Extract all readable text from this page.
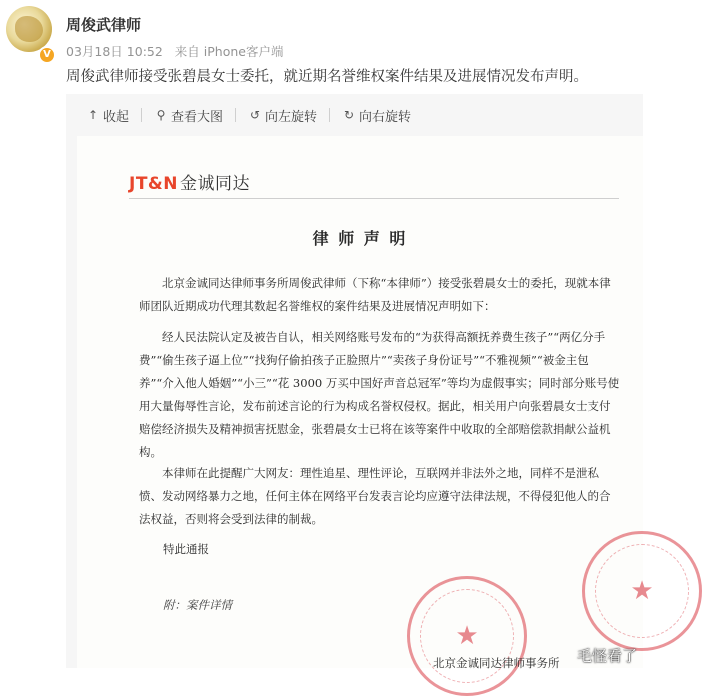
V
周俊武律师
03月18日 10:52 来自 iPhone客户端
周俊武律师接受张碧晨女士委托，就近期名誉维权案件结果及进展情况发布声明。
↑ 收起 ⚲ 查看大图 ↺ 向左旋转 ↻ 向右旋转
JT&N 金诚同达
律 师 声 明

北京金诚同达律师事务所周俊武律师（下称“本律师”）接受张碧晨女士的委托，现就本律师团队近期成功代理其数起名誉维权的案件结果及进展情况声明如下：

经人民法院认定及被告自认，相关网络账号发布的“为获得高额抚养费生孩子”“两亿分手费”“偷生孩子逼上位”“找狗仔偷拍孩子正脸照片”“卖孩子身份证号”“不雅视频”“被金主包养”“介入他人婚姻”“小三”“花 3000 万买中国好声音总冠军”等均为虚假事实；同时部分账号使用大量侮辱性言论，发布前述言论的行为构成名誉权侵权。据此，相关用户向张碧晨女士支付赔偿经济损失及精神损害抚慰金，张碧晨女士已将在该等案件中收取的全部赔偿款捐献公益机构。

本律师在此提醒广大网友：理性追星、理性评论，互联网并非法外之地，同样不是泄私愤、发动网络暴力之地，任何主体在网络平台发表言论均应遵守法律法规，不得侵犯他人的合法权益，否则将会受到法律的制裁。

特此通报
附：案件详情	★
★
北京金诚同达律师事务所 毛怪看了
